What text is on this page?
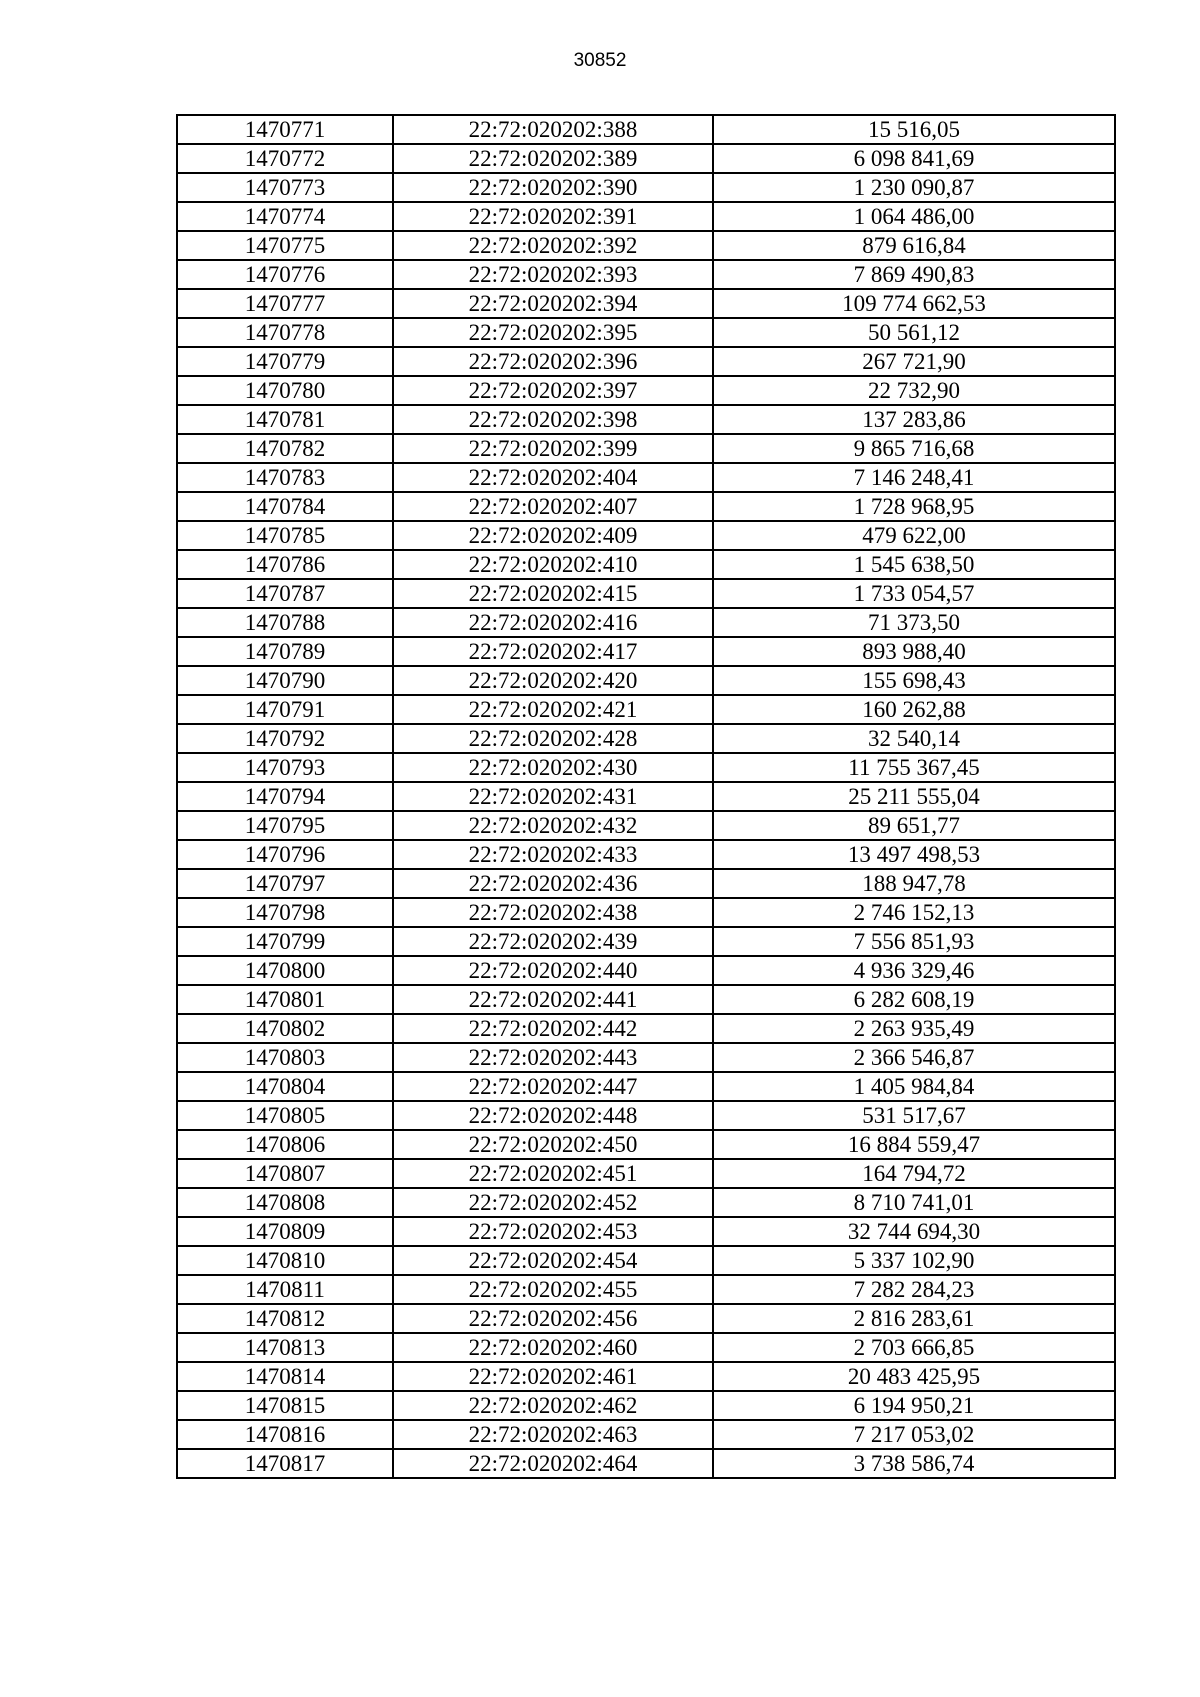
30852
1470771	22:72:020202:388	15 516,05
1470772	22:72:020202:389	6 098 841,69
1470773	22:72:020202:390	1 230 090,87
1470774	22:72:020202:391	1 064 486,00
1470775	22:72:020202:392	879 616,84
1470776	22:72:020202:393	7 869 490,83
1470777	22:72:020202:394	109 774 662,53
1470778	22:72:020202:395	50 561,12
1470779	22:72:020202:396	267 721,90
1470780	22:72:020202:397	22 732,90
1470781	22:72:020202:398	137 283,86
1470782	22:72:020202:399	9 865 716,68
1470783	22:72:020202:404	7 146 248,41
1470784	22:72:020202:407	1 728 968,95
1470785	22:72:020202:409	479 622,00
1470786	22:72:020202:410	1 545 638,50
1470787	22:72:020202:415	1 733 054,57
1470788	22:72:020202:416	71 373,50
1470789	22:72:020202:417	893 988,40
1470790	22:72:020202:420	155 698,43
1470791	22:72:020202:421	160 262,88
1470792	22:72:020202:428	32 540,14
1470793	22:72:020202:430	11 755 367,45
1470794	22:72:020202:431	25 211 555,04
1470795	22:72:020202:432	89 651,77
1470796	22:72:020202:433	13 497 498,53
1470797	22:72:020202:436	188 947,78
1470798	22:72:020202:438	2 746 152,13
1470799	22:72:020202:439	7 556 851,93
1470800	22:72:020202:440	4 936 329,46
1470801	22:72:020202:441	6 282 608,19
1470802	22:72:020202:442	2 263 935,49
1470803	22:72:020202:443	2 366 546,87
1470804	22:72:020202:447	1 405 984,84
1470805	22:72:020202:448	531 517,67
1470806	22:72:020202:450	16 884 559,47
1470807	22:72:020202:451	164 794,72
1470808	22:72:020202:452	8 710 741,01
1470809	22:72:020202:453	32 744 694,30
1470810	22:72:020202:454	5 337 102,90
1470811	22:72:020202:455	7 282 284,23
1470812	22:72:020202:456	2 816 283,61
1470813	22:72:020202:460	2 703 666,85
1470814	22:72:020202:461	20 483 425,95
1470815	22:72:020202:462	6 194 950,21
1470816	22:72:020202:463	7 217 053,02
1470817	22:72:020202:464	3 738 586,74
